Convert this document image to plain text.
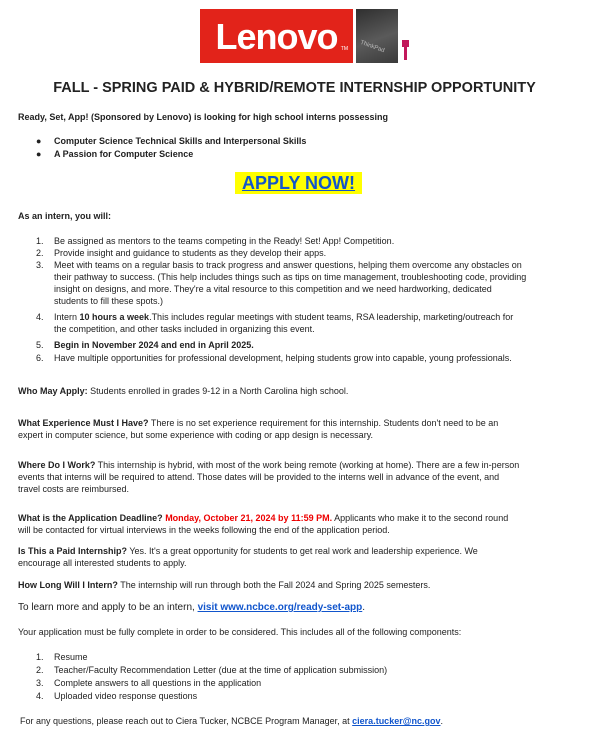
Lenovo TM ThinkPad
FALL - SPRING PAID & HYBRID/REMOTE INTERNSHIP OPPORTUNITY
Ready, Set, App! (Sponsored by Lenovo) is looking for high school interns possessing
● Computer Science Technical Skills and Interpersonal Skills
● A Passion for Computer Science
APPLY NOW!
As an intern, you will:
1.	Be assigned as mentors to the teams competing in the Ready! Set! App! Competition.
2.	Provide insight and guidance to students as they develop their apps.
3.	Meet with teams on a regular basis to track progress and answer questions, helping them overcome any obstacles on
their pathway to success. (This help includes things such as tips on time management, troubleshooting code, providing
insight on designs, and more. They're a vital resource to this competition and we need hardworking, dedicated
students to fill these spots.)
4.	Intern 10 hours a week.This includes regular meetings with student teams, RSA leadership, marketing/outreach for
the competition, and other tasks included in organizing this event.
5.	Begin in November 2024 and end in April 2025.
6.	Have multiple opportunities for professional development, helping students grow into capable, young professionals.
Who May Apply: Students enrolled in grades 9-12 in a North Carolina high school.
What Experience Must I Have? There is no set experience requirement for this internship. Students don't need to be an
expert in computer science, but some experience with coding or app design is necessary.
Where Do I Work? This internship is hybrid, with most of the work being remote (working at home). There are a few in-person
events that interns will be required to attend. Those dates will be provided to the interns well in advance of the event, and
travel costs are reimbursed.
What is the Application Deadline? Monday, October 21, 2024 by 11:59 PM. Applicants who make it to the second round
will be contacted for virtual interviews in the weeks following the end of the application period.
Is This a Paid Internship? Yes. It's a great opportunity for students to get real work and leadership experience. We
encourage all interested students to apply.
How Long Will I Intern? The internship will run through both the Fall 2024 and Spring 2025 semesters.
To learn more and apply to be an intern, visit www.ncbce.org/ready-set-app.
Your application must be fully complete in order to be considered. This includes all of the following components:
1.	Resume
2.	Teacher/Faculty Recommendation Letter (due at the time of application submission)
3.	Complete answers to all questions in the application
4.	Uploaded video response questions
For any questions, please reach out to Ciera Tucker, NCBCE Program Manager, at ciera.tucker@nc.gov.
